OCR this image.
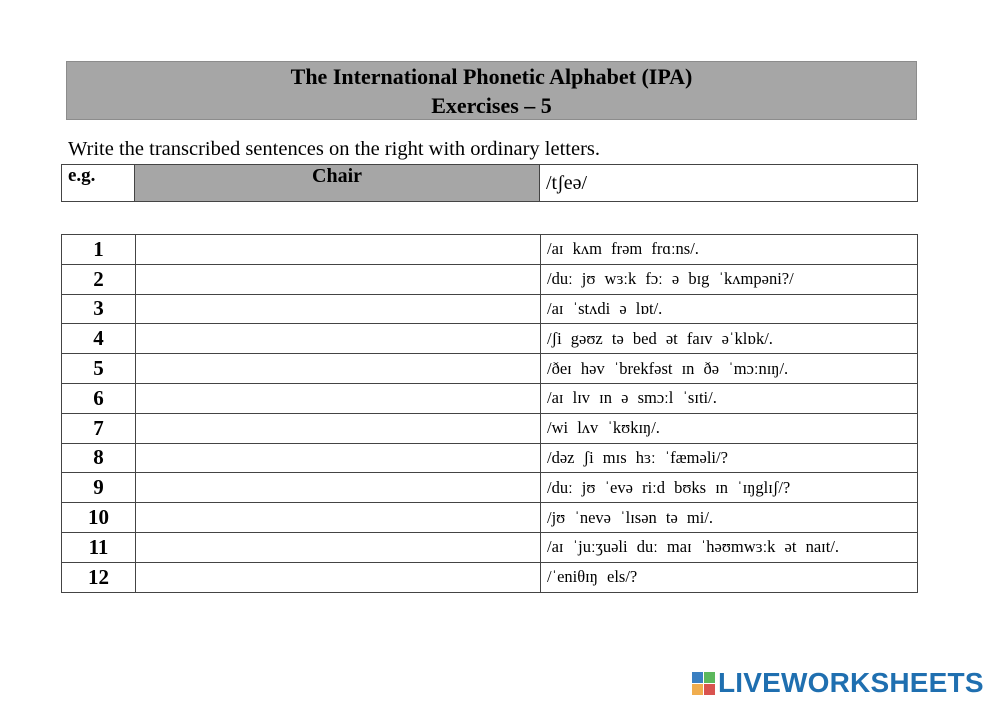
The International Phonetic Alphabet (IPA)
Exercises – 5
Write the transcribed sentences on the right with ordinary letters.
e.g.	Chair	/tʃeə/
1		/aɪ kʌm frəm frɑːns/.
2		/duː jʊ wɜːk fɔː ə bɪg ˈkʌmpəni?/
3		/aɪ ˈstʌdi ə lɒt/.
4		/ʃi gəʊz tə bed ət faɪv əˈklɒk/.
5		/ðeɪ həv ˈbrekfəst ɪn ðə ˈmɔːnɪŋ/.
6		/aɪ lɪv ɪn ə smɔːl ˈsɪti/.
7		/wi lʌv ˈkʊkɪŋ/.
8		/dəz ʃi mɪs hɜː ˈfæməli/?
9		/duː jʊ ˈevə riːd bʊks ɪn ˈɪŋglɪʃ/?
10		/jʊ ˈnevə ˈlɪsən tə mi/.
11		/aɪ ˈjuːʒuəli duː maɪ ˈhəʊmwɜːk ət naɪt/.
12		/ˈeniθɪŋ els/?
LIVEWORKSHEETS
